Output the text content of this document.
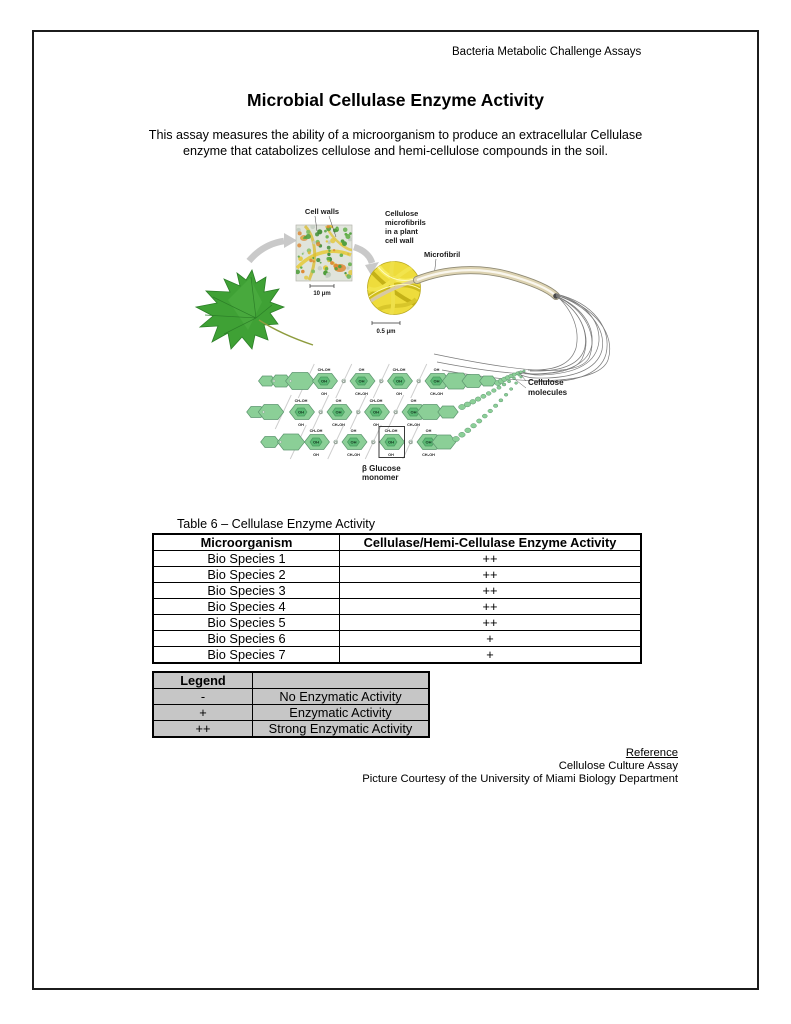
Bacteria Metabolic Challenge Assays
Microbial Cellulase Enzyme Activity

This assay measures the ability of a microorganism to produce an extracellular Cellulase
enzyme that catabolizes cellulose and hemi-cellulose compounds in the soil.

Cell walls
10 μm
0.5 μm
Cellulose
microfibrils
in a plant
cell wall
Microfibril
Cellulose
molecules
OH
CH₂OH
OH
O	OH
OH
CH₂OH
O	OH
CH₂OH
OH
O	OH
OH
CH₂OH
OH
CH₂OH
OH
O	OH
OH
CH₂OH
O	OH
CH₂OH
OH
O	OH
OH
CH₂OH
OH
CH₂OH
OH
O	OH
OH
CH₂OH
O	OH
CH₂OH
OH
O	OH
OH
CH₂OH
β Glucose
monomer
Table 6 – Cellulase Enzyme Activity
Microorganism	Cellulase/Hemi-Cellulase Enzyme Activity
Bio Species 1	++
Bio Species 2	++
Bio Species 3	++
Bio Species 4	++
Bio Species 5	++
Bio Species 6	+
Bio Species 7	+
Legend	
-	No Enzymatic Activity
+	Enzymatic Activity
++	Strong Enzymatic Activity
Reference
Cellulose Culture Assay
Picture Courtesy of the University of Miami Biology Department
